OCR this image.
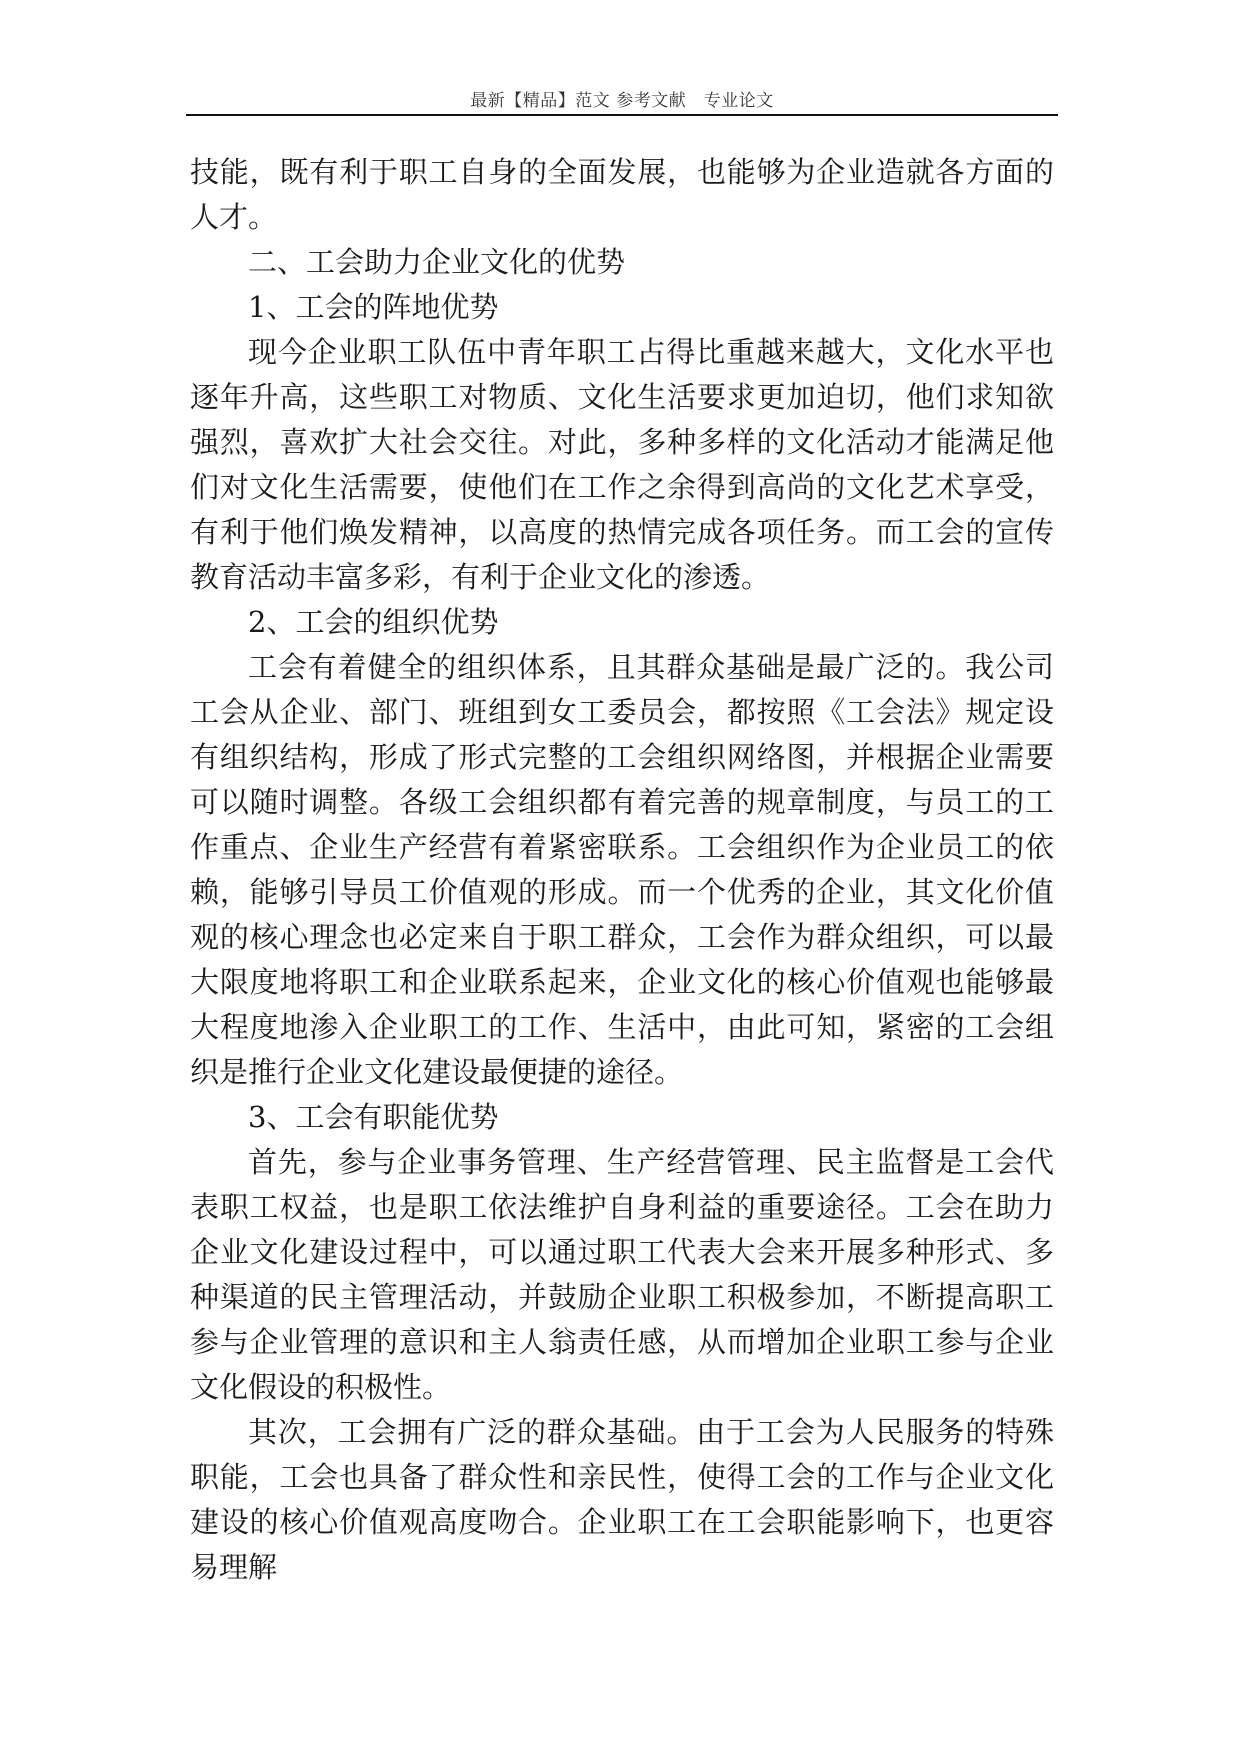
最新【精品】范文 参考文献　专业论文

技能，既有利于职工自身的全面发展，也能够为企业造就各方面的人才。

二、工会助力企业文化的优势

1、工会的阵地优势

现今企业职工队伍中青年职工占得比重越来越大，文化水平也逐年升高，这些职工对物质、文化生活要求更加迫切，他们求知欲强烈，喜欢扩大社会交往。对此，多种多样的文化活动才能满足他们对文化生活需要，使他们在工作之余得到高尚的文化艺术享受，有利于他们焕发精神，以高度的热情完成各项任务。而工会的宣传教育活动丰富多彩，有利于企业文化的渗透。

2、工会的组织优势

工会有着健全的组织体系，且其群众基础是最广泛的。我公司工会从企业、部门、班组到女工委员会，都按照《工会法》规定设有组织结构，形成了形式完整的工会组织网络图，并根据企业需要可以随时调整。各级工会组织都有着完善的规章制度，与员工的工作重点、企业生产经营有着紧密联系。工会组织作为企业员工的依赖，能够引导员工价值观的形成。而一个优秀的企业，其文化价值观的核心理念也必定来自于职工群众，工会作为群众组织，可以最大限度地将职工和企业联系起来，企业文化的核心价值观也能够最大程度地渗入企业职工的工作、生活中，由此可知，紧密的工会组织是推行企业文化建设最便捷的途径。

3、工会有职能优势

首先，参与企业事务管理、生产经营管理、民主监督是工会代表职工权益，也是职工依法维护自身利益的重要途径。工会在助力企业文化建设过程中，可以通过职工代表大会来开展多种形式、多种渠道的民主管理活动，并鼓励企业职工积极参加，不断提高职工参与企业管理的意识和主人翁责任感，从而增加企业职工参与企业文化假设的积极性。

其次，工会拥有广泛的群众基础。由于工会为人民服务的特殊职能，工会也具备了群众性和亲民性，使得工会的工作与企业文化建设的核心价值观高度吻合。企业职工在工会职能影响下，也更容易理解
